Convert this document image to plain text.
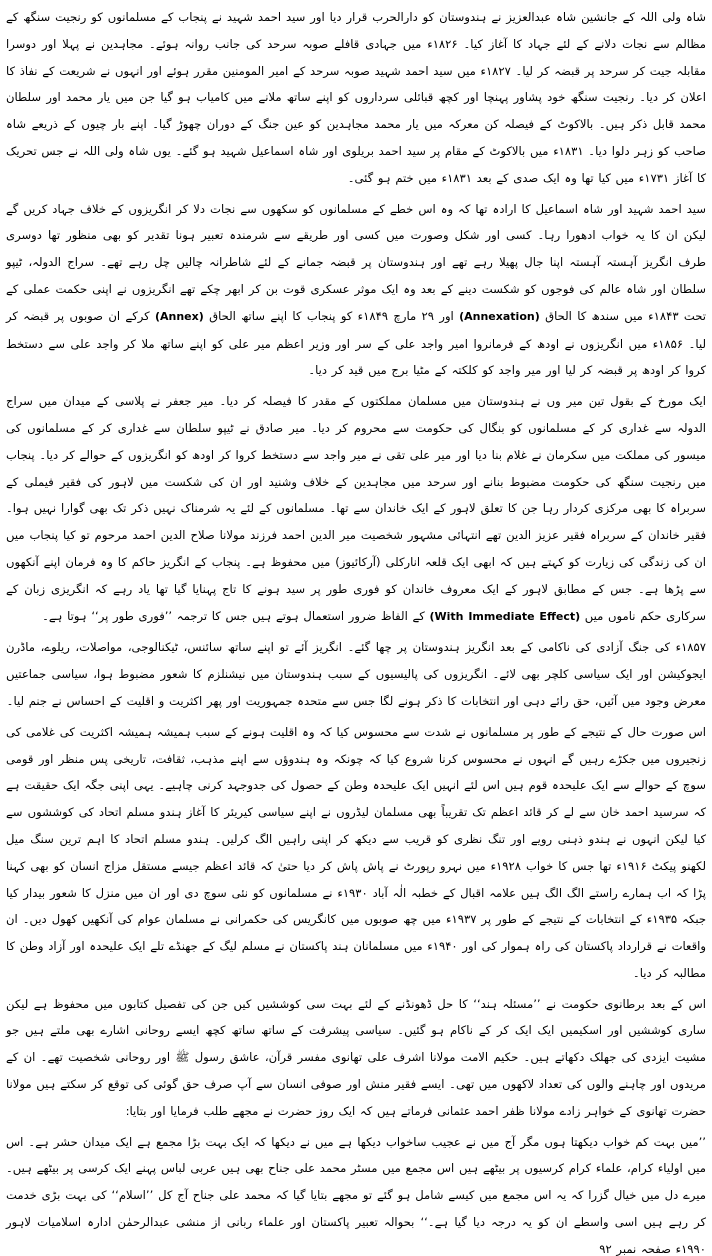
شاہ ولی اللہ کے جانشین شاہ عبدالعزیز نے ہندوستان کو دارالحرب قرار دیا اور سید احمد شہید نے پنجاب کے مسلمانوں کو رنجیت سنگھ کے مظالم سے نجات دلانے کے لئے جہاد کا آغاز کیا۔ ۱۸۲۶ء میں جہادی قافلے صوبہ سرحد کی جانب روانہ ہوئے۔ مجاہدین نے پہلا اور دوسرا مقابلہ جیت کر سرحد پر قبضہ کر لیا۔ ۱۸۲۷ء میں سید احمد شہید صوبہ سرحد کے امیر المومنین مقرر ہوئے اور انہوں نے شریعت کے نفاذ کا اعلان کر دیا۔ رنجیت سنگھ خود پشاور پہنچا اور کچھ قبائلی سرداروں کو اپنے ساتھ ملانے میں کامیاب ہو گیا جن میں یار محمد اور سلطان محمد قابل ذکر ہیں۔ بالاکوٹ کے فیصلہ کن معرکہ میں یار محمد مجاہدین کو عین جنگ کے دوران چھوڑ گیا۔ اپنے بار چیوں کے ذریعے شاہ صاحب کو زہر دلوا دیا۔ ۱۸۳۱ء میں بالاکوٹ کے مقام پر سید احمد بریلوی اور شاہ اسماعیل شہید ہو گئے۔ یوں شاہ ولی اللہ نے جس تحریک کا آغاز ۱۷۳۱ء میں کیا تھا وہ ایک صدی کے بعد ۱۸۳۱ء میں ختم ہو گئی۔

سید احمد شہید اور شاہ اسماعیل کا ارادہ تھا کہ وہ اس خطے کے مسلمانوں کو سکھوں سے نجات دلا کر انگریزوں کے خلاف جہاد کریں گے لیکن ان کا یہ خواب ادھورا رہا۔ کسی اور شکل وصورت میں کسی اور طریقے سے شرمندہ تعبیر ہونا تقدیر کو بھی منظور تھا دوسری طرف انگریز آہستہ آہستہ اپنا جال پھیلا رہے تھے اور ہندوستان پر قبضہ جمانے کے لئے شاطرانہ چالیں چل رہے تھے۔ سراج الدولہ، ٹیپو سلطان اور شاہ عالم کی فوجوں کو شکست دینے کے بعد وہ ایک موثر عسکری قوت بن کر ابھر چکے تھے انگریزوں نے اپنی حکمت عملی کے تحت ۱۸۴۳ء میں سندھ کا الحاق (Annex) اور ۲۹ مارچ ۱۸۴۹ء کو پنجاب کا اپنے ساتھ الحاق (Annexation) کرکے ان صوبوں پر قبضہ کر لیا۔ ۱۸۵۶ء میں انگریزوں نے اودھ کے فرمانروا امیر واجد علی کے سر اور وزیر اعظم میر علی کو اپنے ساتھ ملا کر واجد علی سے دستخط کروا کر اودھ پر قبضہ کر لیا اور میر واجد کو کلکتہ کے مٹیا برج میں قید کر دیا۔

ایک مورخ کے بقول تین میر وں نے ہندوستان میں مسلمان مملکتوں کے مقدر کا فیصلہ کر دیا۔ میر جعفر نے پلاسی کے میدان میں سراج الدولہ سے غداری کر کے مسلمانوں کو بنگال کی حکومت سے محروم کر دیا۔ میر صادق نے ٹیپو سلطان سے غداری کر کے مسلمانوں کی میسور کی مملکت میں سکرمان نے غلام بنا دیا اور میر علی تقی نے میر واجد سے دستخط کروا کر اودھ کو انگریزوں کے حوالے کر دیا۔ پنجاب میں رنجیت سنگھ کی حکومت مضبوط بنانے اور سرحد میں مجاہدین کے خلاف وشنید اور ان کی شکست میں لاہور کی فقیر فیملی کے سربراہ کا بھی مرکزی کردار رہا جن کا تعلق لاہور کے ایک خاندان سے تھا۔ مسلمانوں کے لئے یہ شرمناک نہیں ذکر تک بھی گوارا نہیں ہوا۔ فقیر خاندان کے سربراہ فقیر عزیز الدین تھے انتہائی مشہور شخصیت میر الدین احمد فرزند مولانا صلاح الدین احمد مرحوم تو کیا پنجاب میں ان کی زندگی کی زیارت کو کہتے ہیں کہ ابھی ایک قلعہ انارکلی (آرکائیوز) میں محفوظ ہے۔ پنجاب کے انگریز حاکم کا وہ فرمان اپنے آنکھوں سے پڑھا ہے۔ جس کے مطابق لاہور کے ایک معروف خاندان کو فوری طور پر سید ہونے کا تاج پہنایا گیا تھا یاد رہے کہ انگریزی زبان کے سرکاری حکم ناموں میں (With Immediate Effect) کے الفاظ ضرور استعمال ہوتے ہیں جس کا ترجمہ ’’فوری طور پر‘‘ ہوتا ہے۔

۱۸۵۷ء کی جنگ آزادی کی ناکامی کے بعد انگریز ہندوستان پر چھا گئے۔ انگریز آئے تو اپنے ساتھ سائنس، ٹیکنالوجی، مواصلات، ریلوے، ماڈرن ایجوکیشن اور ایک سیاسی کلچر بھی لائے۔ انگریزوں کی پالیسیوں کے سبب ہندوستان میں نیشنلزم کا شعور مضبوط ہوا، سیاسی جماعتیں معرض وجود میں آئیں، حق رائے دہی اور انتخابات کا ذکر ہونے لگا جس سے متحدہ جمہوریت اور پھر اکثریت و اقلیت کے احساس نے جنم لیا۔

اس صورت حال کے نتیجے کے طور پر مسلمانوں نے شدت سے محسوس کیا کہ وہ اقلیت ہونے کے سبب ہمیشہ ہمیشہ اکثریت کی غلامی کی زنجیروں میں جکڑے رہیں گے انہوں نے محسوس کرنا شروع کیا کہ چونکہ وہ ہندوؤں سے اپنے مذہب، ثقافت، تاریخی پس منظر اور قومی سوچ کے حوالے سے ایک علیحدہ قوم ہیں اس لئے انہیں ایک علیحدہ وطن کے حصول کی جدوجہد کرنی چاہیے۔ یہی اپنی جگہ ایک حقیقت ہے کہ سرسید احمد خان سے لے کر قائد اعظم تک تقریباً بھی مسلمان لیڈروں نے اپنے سیاسی کیریئر کا آغاز ہندو مسلم اتحاد کی کوششوں سے کیا لیکن انہوں نے ہندو ذہنی رویے اور تنگ نظری کو قریب سے دیکھ کر اپنی راہیں الگ کرلیں۔ ہندو مسلم اتحاد کا اہم ترین سنگ میل لکھنو پیکٹ ۱۹۱۶ء تھا جس کا خواب ۱۹۲۸ء میں نہرو رپورٹ نے پاش پاش کر دیا حتیٰ کہ قائد اعظم جیسے مستقل مزاج انسان کو بھی کہنا پڑا کہ اب ہمارے راستے الگ الگ ہیں علامہ اقبال کے خطبہ الٰہ آباد ۱۹۳۰ء نے مسلمانوں کو نئی سوچ دی اور ان میں منزل کا شعور بیدار کیا جبکہ ۱۹۳۵ء کے انتخابات کے نتیجے کے طور پر ۱۹۳۷ء میں چھ صوبوں میں کانگریس کی حکمرانی نے مسلمان عوام کی آنکھیں کھول دیں۔ ان واقعات نے قرارداد پاکستان کی راہ ہموار کی اور ۱۹۴۰ء میں مسلمانان ہند پاکستان نے مسلم لیگ کے جھنڈے تلے ایک علیحدہ اور آزاد وطن کا مطالبہ کر دیا۔

اس کے بعد برطانوی حکومت نے ’’مسئلہ ہند‘‘ کا حل ڈھونڈنے کے لئے بہت سی کوششیں کیں جن کی تفصیل کتابوں میں محفوظ ہے لیکن ساری کوششیں اور اسکیمیں ایک ایک کر کے ناکام ہو گئیں۔ سیاسی پیشرفت کے ساتھ ساتھ کچھ ایسے روحانی اشارے بھی ملتے ہیں جو مشیت ایزدی کی جھلک دکھاتے ہیں۔ حکیم الامت مولانا اشرف علی تھانوی مفسر قرآن، عاشق رسول ﷺ اور روحانی شخصیت تھے۔ ان کے مریدوں اور چاہنے والوں کی تعداد لاکھوں میں تھی۔ ایسے فقیر منش اور صوفی انسان سے آپ صرف حق گوئی کی توقع کر سکتے ہیں مولانا حضرت تھانوی کے خواہر زادے مولانا ظفر احمد عثمانی فرماتے ہیں کہ ایک روز حضرت نے مجھے طلب فرمایا اور بتایا:

’’میں بہت کم خواب دیکھتا ہوں مگر آج میں نے عجیب ساخواب دیکھا ہے میں نے دیکھا کہ ایک بہت بڑا مجمع ہے ایک میدان حشر ہے۔ اس میں اولیاء کرام، علماء کرام کرسیوں پر بیٹھے ہیں اس مجمع میں مسٹر محمد علی جناح بھی ہیں عربی لباس پہنے ایک کرسی پر بیٹھے ہیں۔ میرے دل میں خیال گزرا کہ یہ اس مجمع میں کیسے شامل ہو گئے تو مجھے بتایا گیا کہ محمد علی جناح آج کل ’’اسلام‘‘ کی بہت بڑی خدمت کر رہے ہیں اسی واسطے ان کو یہ درجہ دیا گیا ہے۔‘‘ بحوالہ تعبیر پاکستان اور علماء ربانی از منشی عبدالرحمٰن ادارہ اسلامیات لاہور ۱۹۹۰ء صفحہ نمبر ۹۲
